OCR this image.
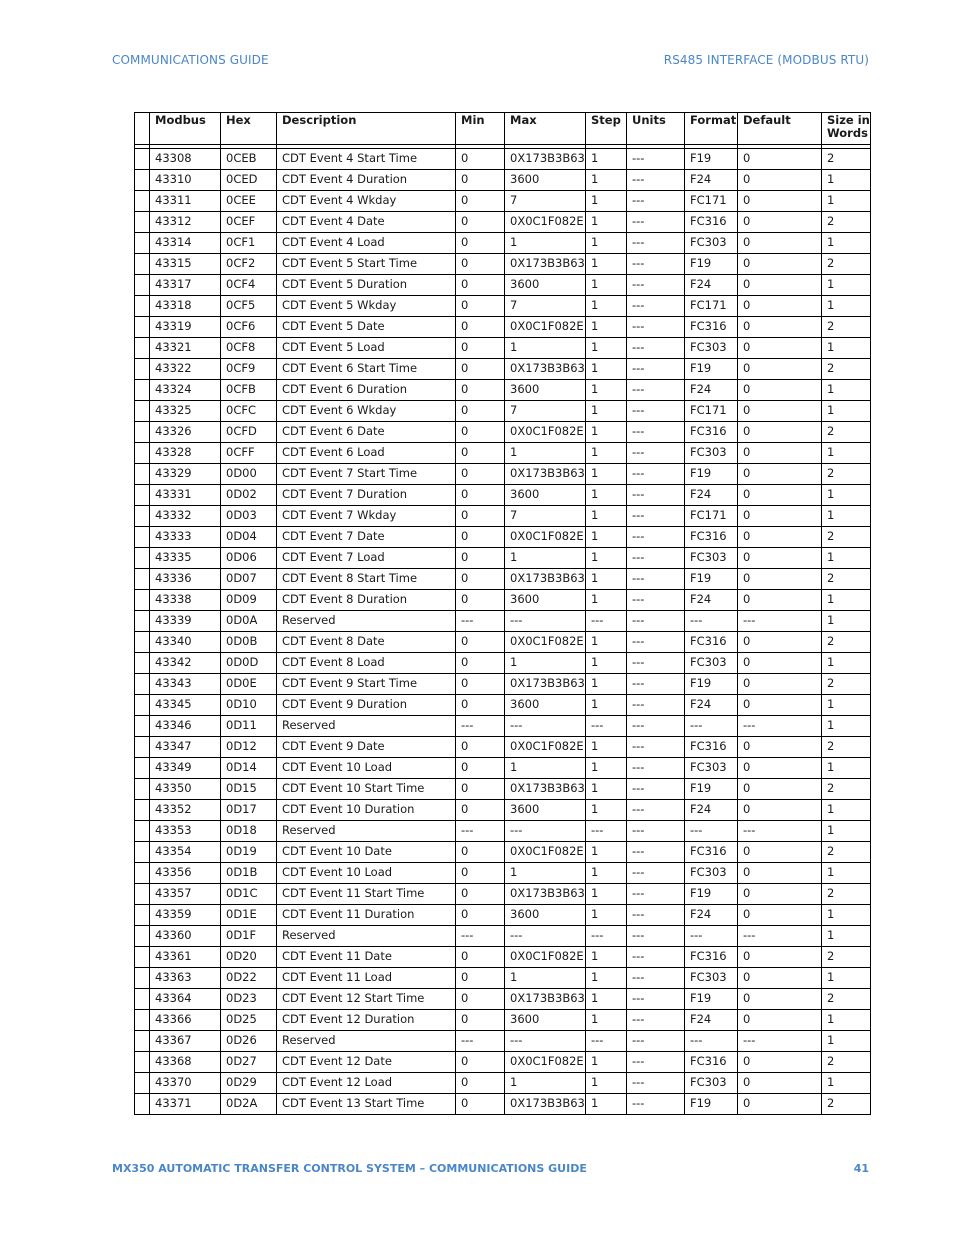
COMMUNICATIONS GUIDE	RS485 INTERFACE (MODBUS RTU)
	Modbus	Hex	Description	Min	Max	Step	Units	Format	Default	Size in Words

	43308	0CEB	CDT Event 4 Start Time	0	0X173B3B63	1	---	F19	0	2
	43310	0CED	CDT Event 4 Duration	0	3600	1	---	F24	0	1
	43311	0CEE	CDT Event 4 Wkday	0	7	1	---	FC171	0	1
	43312	0CEF	CDT Event 4 Date	0	0X0C1F082E	1	---	FC316	0	2
	43314	0CF1	CDT Event 4 Load	0	1	1	---	FC303	0	1
	43315	0CF2	CDT Event 5 Start Time	0	0X173B3B63	1	---	F19	0	2
	43317	0CF4	CDT Event 5 Duration	0	3600	1	---	F24	0	1
	43318	0CF5	CDT Event 5 Wkday	0	7	1	---	FC171	0	1
	43319	0CF6	CDT Event 5 Date	0	0X0C1F082E	1	---	FC316	0	2
	43321	0CF8	CDT Event 5 Load	0	1	1	---	FC303	0	1
	43322	0CF9	CDT Event 6 Start Time	0	0X173B3B63	1	---	F19	0	2
	43324	0CFB	CDT Event 6 Duration	0	3600	1	---	F24	0	1
	43325	0CFC	CDT Event 6 Wkday	0	7	1	---	FC171	0	1
	43326	0CFD	CDT Event 6 Date	0	0X0C1F082E	1	---	FC316	0	2
	43328	0CFF	CDT Event 6 Load	0	1	1	---	FC303	0	1
	43329	0D00	CDT Event 7 Start Time	0	0X173B3B63	1	---	F19	0	2
	43331	0D02	CDT Event 7 Duration	0	3600	1	---	F24	0	1
	43332	0D03	CDT Event 7 Wkday	0	7	1	---	FC171	0	1
	43333	0D04	CDT Event 7 Date	0	0X0C1F082E	1	---	FC316	0	2
	43335	0D06	CDT Event 7 Load	0	1	1	---	FC303	0	1
	43336	0D07	CDT Event 8 Start Time	0	0X173B3B63	1	---	F19	0	2
	43338	0D09	CDT Event 8 Duration	0	3600	1	---	F24	0	1
	43339	0D0A	Reserved	---	---	---	---	---	---	1
	43340	0D0B	CDT Event 8 Date	0	0X0C1F082E	1	---	FC316	0	2
	43342	0D0D	CDT Event 8 Load	0	1	1	---	FC303	0	1
	43343	0D0E	CDT Event 9 Start Time	0	0X173B3B63	1	---	F19	0	2
	43345	0D10	CDT Event 9 Duration	0	3600	1	---	F24	0	1
	43346	0D11	Reserved	---	---	---	---	---	---	1
	43347	0D12	CDT Event 9 Date	0	0X0C1F082E	1	---	FC316	0	2
	43349	0D14	CDT Event 10 Load	0	1	1	---	FC303	0	1
	43350	0D15	CDT Event 10 Start Time	0	0X173B3B63	1	---	F19	0	2
	43352	0D17	CDT Event 10 Duration	0	3600	1	---	F24	0	1
	43353	0D18	Reserved	---	---	---	---	---	---	1
	43354	0D19	CDT Event 10 Date	0	0X0C1F082E	1	---	FC316	0	2
	43356	0D1B	CDT Event 10 Load	0	1	1	---	FC303	0	1
	43357	0D1C	CDT Event 11 Start Time	0	0X173B3B63	1	---	F19	0	2
	43359	0D1E	CDT Event 11 Duration	0	3600	1	---	F24	0	1
	43360	0D1F	Reserved	---	---	---	---	---	---	1
	43361	0D20	CDT Event 11 Date	0	0X0C1F082E	1	---	FC316	0	2
	43363	0D22	CDT Event 11 Load	0	1	1	---	FC303	0	1
	43364	0D23	CDT Event 12 Start Time	0	0X173B3B63	1	---	F19	0	2
	43366	0D25	CDT Event 12 Duration	0	3600	1	---	F24	0	1
	43367	0D26	Reserved	---	---	---	---	---	---	1
	43368	0D27	CDT Event 12 Date	0	0X0C1F082E	1	---	FC316	0	2
	43370	0D29	CDT Event 12 Load	0	1	1	---	FC303	0	1
	43371	0D2A	CDT Event 13 Start Time	0	0X173B3B63	1	---	F19	0	2
MX350 AUTOMATIC TRANSFER CONTROL SYSTEM – COMMUNICATIONS GUIDE	41
